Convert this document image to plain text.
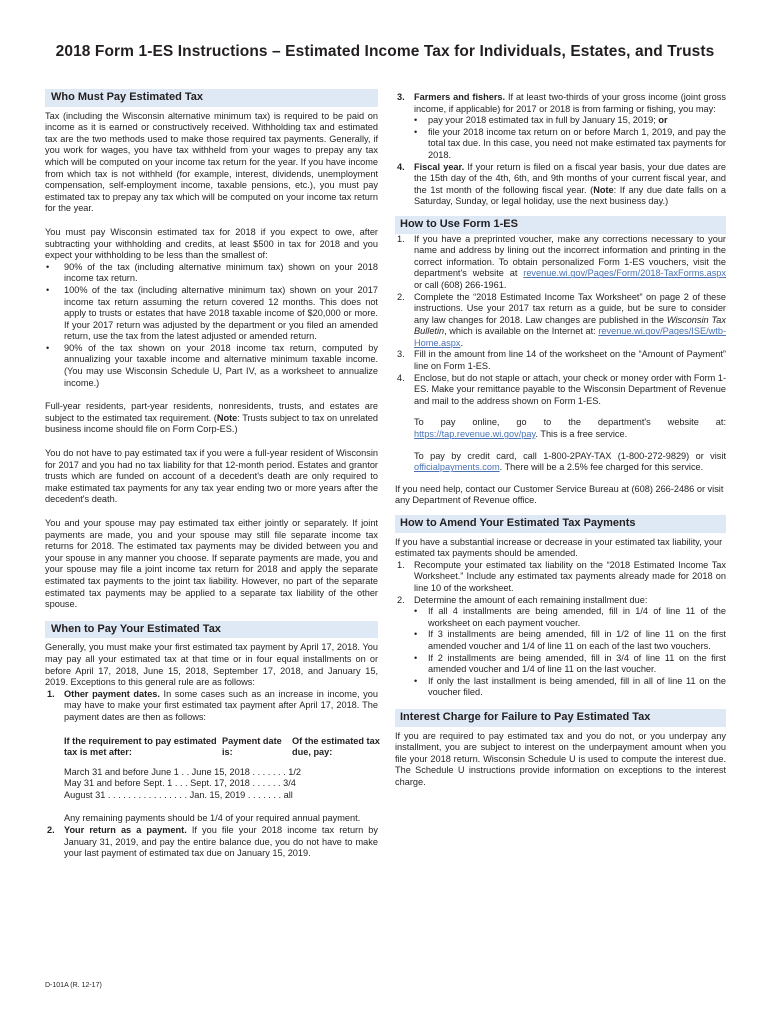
2018 Form 1-ES Instructions – Estimated Income Tax for Individuals, Estates, and Trusts
Who Must Pay Estimated Tax

Tax (including the Wisconsin alternative minimum tax) is required to be paid on income as it is earned or constructively received. Withholding tax and estimated tax are the two methods used to make those required tax payments. Generally, if you work for wages, you have tax withheld from your wages to prepay any tax which will be computed on your income tax return for the year. If you have income from which tax is not withheld (for example, interest, dividends, unemployment compensation, self-employment income, taxable pensions, etc.), you must pay estimated tax to prepay any tax which will be computed on your income tax return for the year.

You must pay Wisconsin estimated tax for 2018 if you expect to owe, after subtracting your withholding and credits, at least $500 in tax for 2018 and you expect your withholding to be less than the smallest of:

• 90% of the tax (including alternative minimum tax) shown on your 2018 income tax return.
• 100% of the tax (including alternative minimum tax) shown on your 2017 income tax return assuming the return covered 12 months. This does not apply to trusts or estates that have 2018 taxable income of $20,000 or more. If your 2017 return was adjusted by the department or you filed an amended return, use the tax from the latest adjusted or amended return.
• 90% of the tax shown on your 2018 income tax return, computed by annualizing your taxable income and alternative minimum taxable income. (You may use Wisconsin Schedule U, Part IV, as a worksheet to annualize income.)

Full-year residents, part-year residents, nonresidents, trusts, and estates are subject to the estimated tax requirement. (Note: Trusts subject to tax on unrelated business income should file on Form Corp-ES.)

You do not have to pay estimated tax if you were a full-year resident of Wisconsin for 2017 and you had no tax liability for that 12-month period. Estates and grantor trusts which are funded on account of a decedent's death are only required to make estimated tax payments for any tax year ending two or more years after the decedent's death.

You and your spouse may pay estimated tax either jointly or separately. If joint payments are made, you and your spouse may still file separate income tax returns for 2018. The estimated tax payments may be divided between you and your spouse in any manner you choose. If separate payments are made, you and your spouse may file a joint income tax return for 2018 and apply the separate estimated tax payments to the joint tax liability. However, no part of the separate estimated tax payments may be applied to a separate tax liability of the other spouse.

When to Pay Your Estimated Tax

Generally, you must make your first estimated tax payment by April 17, 2018. You may pay all your estimated tax at that time or in four equal installments on or before April 17, 2018, June 15, 2018, September 17, 2018, and January 15, 2019. Exceptions to this general rule are as follows:

1. Other payment dates. In some cases such as an increase in income, you may have to make your first estimated tax payment after April 17, 2018. The payment dates are then as follows:
If the requirement to pay estimated tax is met after:
Payment date is:
Of the estimated tax due, pay:
March 31 and before June 1 . . June 15, 2018 . . . . . . . 1/2
May 31 and before Sept. 1 . . . Sept. 17, 2018 . . . . . . 3/4
August 31 . . . . . . . . . . . . . . . . Jan. 15, 2019 . . . . . . . all

Any remaining payments should be 1/4 of your required annual payment.

2. Your return as a payment. If you file your 2018 income tax return by January 31, 2019, and pay the entire balance due, you do not have to make your last payment of estimated tax due on January 15, 2019.
3. Farmers and fishers. If at least two-thirds of your gross income (joint gross income, if applicable) for 2017 or 2018 is from farming or fishing, you may:
• pay your 2018 estimated tax in full by January 15, 2019; or
• file your 2018 income tax return on or before March 1, 2019, and pay the total tax due. In this case, you need not make estimated tax payments for 2018.
4. Fiscal year. If your return is filed on a fiscal year basis, your due dates are the 15th day of the 4th, 6th, and 9th months of your current fiscal year, and the 1st month of the following fiscal year. (Note: If any due date falls on a Saturday, Sunday, or legal holiday, use the next business day.)
How to Use Form 1-ES
1. If you have a preprinted voucher, make any corrections necessary to your name and address by lining out the incorrect information and printing in the correct information. To obtain personalized Form 1-ES vouchers, visit the department's website at revenue.wi.gov/Pages/Form/2018-TaxForms.aspx or call (608) 266-1961.
2. Complete the “2018 Estimated Income Tax Worksheet” on page 2 of these instructions. Use your 2017 tax return as a guide, but be sure to consider any law changes for 2018. Law changes are published in the Wisconsin Tax Bulletin, which is available on the Internet at: revenue.wi.gov/Pages/ISE/wtb-Home.aspx.
3. Fill in the amount from line 14 of the worksheet on the “Amount of Payment” line on Form 1-ES.
4. Enclose, but do not staple or attach, your check or money order with Form 1-ES. Make your remittance payable to the Wisconsin Department of Revenue and mail to the address shown on Form 1-ES.

To pay online, go to the department's website at: https://tap.revenue.wi.gov/pay. This is a free service.

To pay by credit card, call 1-800-2PAY-TAX (1-800-272-9829) or visit officialpayments.com. There will be a 2.5% fee charged for this service.

If you need help, contact our Customer Service Bureau at (608) 266-2486 or visit any Department of Revenue office.

How to Amend Your Estimated Tax Payments

If you have a substantial increase or decrease in your estimated tax liability, your estimated tax payments should be amended.

1. Recompute your estimated tax liability on the “2018 Estimated Income Tax Worksheet.” Include any estimated tax payments already made for 2018 on line 10 of the worksheet.
2. Determine the amount of each remaining installment due:
• If all 4 installments are being amended, fill in 1/4 of line 11 of the worksheet on each payment voucher.
• If 3 installments are being amended, fill in 1/2 of line 11 on the first amended voucher and 1/4 of line 11 on each of the last two vouchers.
• If 2 installments are being amended, fill in 3/4 of line 11 on the first amended voucher and 1/4 of line 11 on the last voucher.
• If only the last installment is being amended, fill in all of line 11 on the voucher filed.
Interest Charge for Failure to Pay Estimated Tax

If you are required to pay estimated tax and you do not, or you underpay any installment, you are subject to interest on the underpayment amount when you file your 2018 return. Wisconsin Schedule U is used to compute the interest due. The Schedule U instructions provide information on exceptions to the interest charge.

D-101A (R. 12-17)
